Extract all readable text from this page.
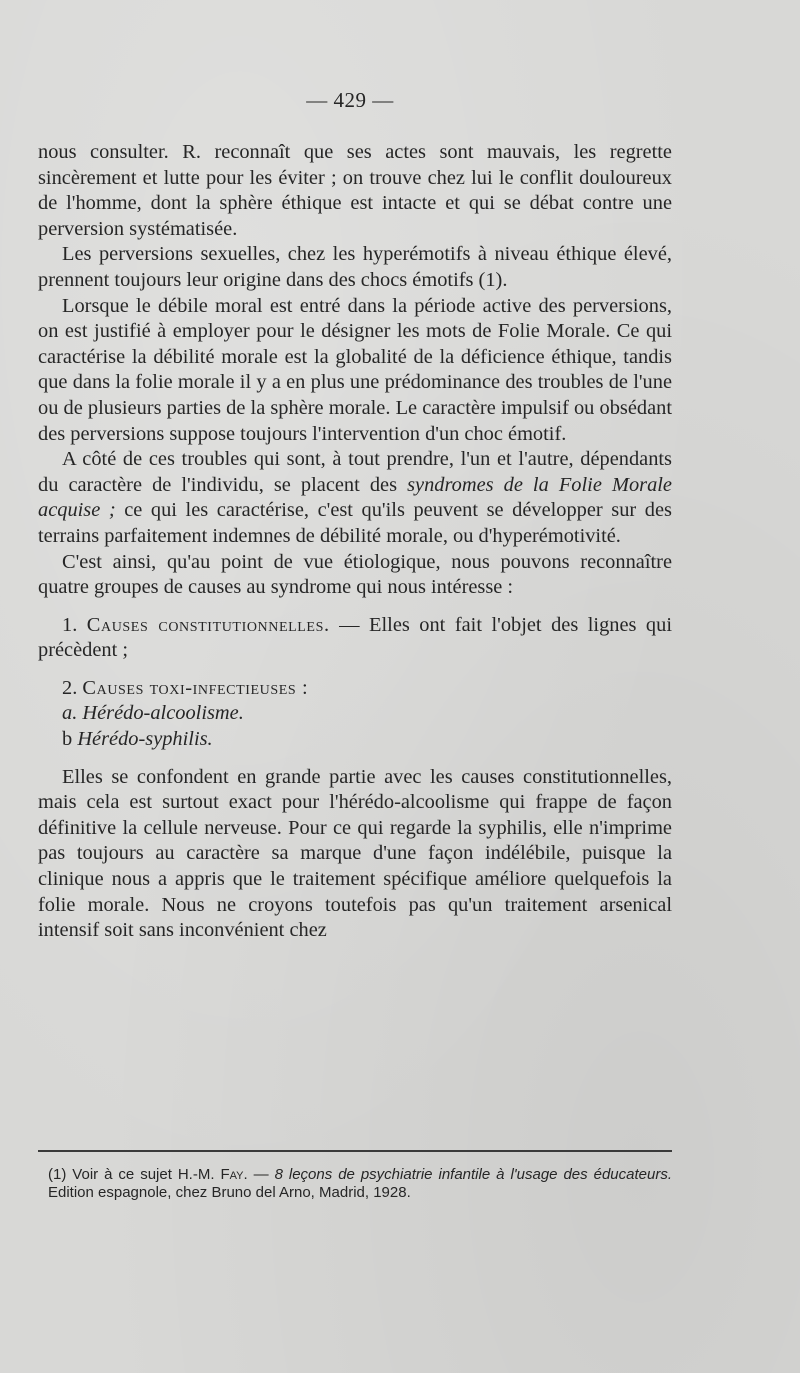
— 429 —

nous consulter. R. reconnaît que ses actes sont mauvais, les regrette sincèrement et lutte pour les éviter ; on trouve chez lui le conflit douloureux de l'homme, dont la sphère éthique est intacte et qui se débat contre une perversion systématisée.

Les perversions sexuelles, chez les hyperémotifs à niveau éthique élevé, prennent toujours leur origine dans des chocs émotifs (1).

Lorsque le débile moral est entré dans la période active des perversions, on est justifié à employer pour le désigner les mots de Folie Morale. Ce qui caractérise la débilité morale est la globalité de la déficience éthique, tandis que dans la folie morale il y a en plus une prédominance des troubles de l'une ou de plusieurs parties de la sphère morale. Le caractère impulsif ou obsédant des perversions suppose toujours l'intervention d'un choc émotif.

A côté de ces troubles qui sont, à tout prendre, l'un et l'autre, dépendants du caractère de l'individu, se placent des syndromes de la Folie Morale acquise ; ce qui les caractérise, c'est qu'ils peuvent se développer sur des terrains parfaitement indemnes de débilité morale, ou d'hyperémotivité.

C'est ainsi, qu'au point de vue étiologique, nous pouvons reconnaître quatre groupes de causes au syndrome qui nous intéresse :

1. Causes constitutionnelles. — Elles ont fait l'objet des lignes qui précèdent ;

2. Causes toxi-infectieuses :

a. Hérédo-alcoolisme.

b Hérédo-syphilis.

Elles se confondent en grande partie avec les causes constitutionnelles, mais cela est surtout exact pour l'hérédo-alcoolisme qui frappe de façon définitive la cellule nerveuse. Pour ce qui regarde la syphilis, elle n'imprime pas toujours au caractère sa marque d'une façon indélébile, puisque la clinique nous a appris que le traitement spécifique améliore quelquefois la folie morale. Nous ne croyons toutefois pas qu'un traitement arsenical intensif soit sans inconvénient chez

(1) Voir à ce sujet H.-M. Fay. — 8 leçons de psychiatrie infantile à l'usage des éducateurs. Edition espagnole, chez Bruno del Arno, Madrid, 1928.
